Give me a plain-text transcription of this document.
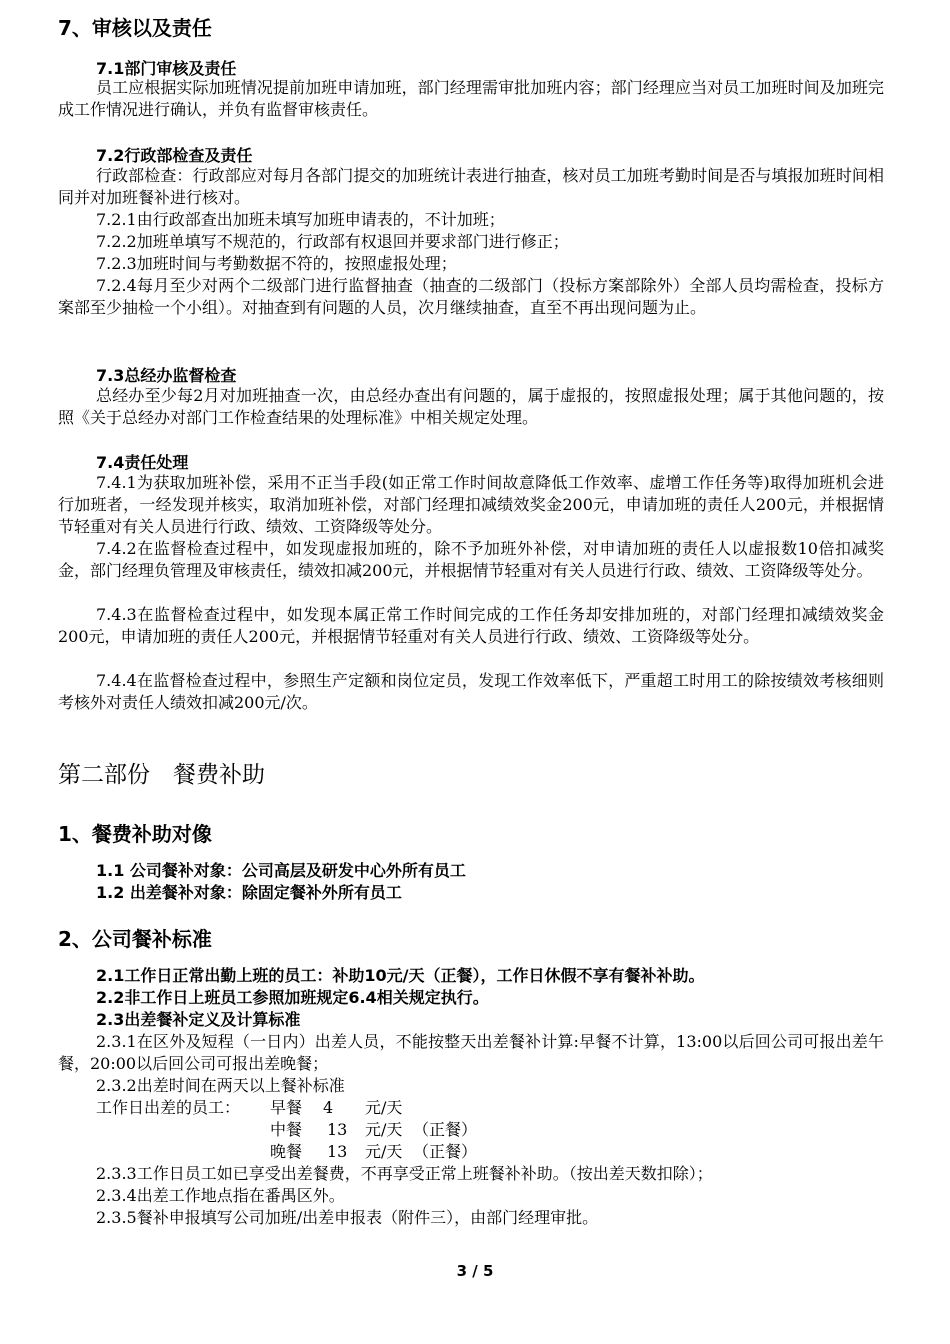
7、审核以及责任
7.1部门审核及责任
员工应根据实际加班情况提前加班申请加班，部门经理需审批加班内容；部门经理应当对员工加班时间及加班完成工作情况进行确认，并负有监督审核责任。
7.2行政部检查及责任
行政部检查：行政部应对每月各部门提交的加班统计表进行抽查，核对员工加班考勤时间是否与填报加班时间相同并对加班餐补进行核对。
7.2.1由行政部查出加班未填写加班申请表的，不计加班；
7.2.2加班单填写不规范的，行政部有权退回并要求部门进行修正；
7.2.3加班时间与考勤数据不符的，按照虚报处理；
7.2.4每月至少对两个二级部门进行监督抽查（抽查的二级部门（投标方案部除外）全部人员均需检查，投标方案部至少抽检一个小组）。对抽查到有问题的人员，次月继续抽查，直至不再出现问题为止。
7.3总经办监督检查
总经办至少每2月对加班抽查一次，由总经办查出有问题的，属于虚报的，按照虚报处理；属于其他问题的，按照《关于总经办对部门工作检查结果的处理标准》中相关规定处理。
7.4责任处理
7.4.1为获取加班补偿，采用不正当手段(如正常工作时间故意降低工作效率、虚增工作任务等)取得加班机会进行加班者，一经发现并核实，取消加班补偿，对部门经理扣减绩效奖金200元，申请加班的责任人200元，并根据情节轻重对有关人员进行行政、绩效、工资降级等处分。
7.4.2在监督检查过程中，如发现虚报加班的，除不予加班外补偿，对申请加班的责任人以虚报数10倍扣减奖金，部门经理负管理及审核责任，绩效扣减200元，并根据情节轻重对有关人员进行行政、绩效、工资降级等处分。
7.4.3在监督检查过程中，如发现本属正常工作时间完成的工作任务却安排加班的，对部门经理扣减绩效奖金200元，申请加班的责任人200元，并根据情节轻重对有关人员进行行政、绩效、工资降级等处分。
7.4.4在监督检查过程中，参照生产定额和岗位定员，发现工作效率低下，严重超工时用工的除按绩效考核细则考核外对责任人绩效扣减200元/次。
第二部份　餐费补助
1、餐费补助对像
1.1 公司餐补对象：公司高层及研发中心外所有员工
1.2 出差餐补对象：除固定餐补外所有员工
2、公司餐补标准
2.1工作日正常出勤上班的员工：补助10元/天（正餐），工作日休假不享有餐补补助。
2.2非工作日上班员工参照加班规定6.4相关规定执行。
2.3出差餐补定义及计算标准
2.3.1在区外及短程（一日内）出差人员，不能按整天出差餐补计算:早餐不计算，13:00以后回公司可报出差午餐，20:00以后回公司可报出差晚餐；
2.3.2出差时间在两天以上餐补标准
工作日出差的员工： 早餐 4 元/天
中餐 13 元/天 （正餐）
晚餐 13 元/天 （正餐）
2.3.3工作日员工如已享受出差餐费，不再享受正常上班餐补补助。（按出差天数扣除）；
2.3.4出差工作地点指在番禺区外。
2.3.5餐补申报填写公司加班/出差申报表（附件三），由部门经理审批。
3 / 5
